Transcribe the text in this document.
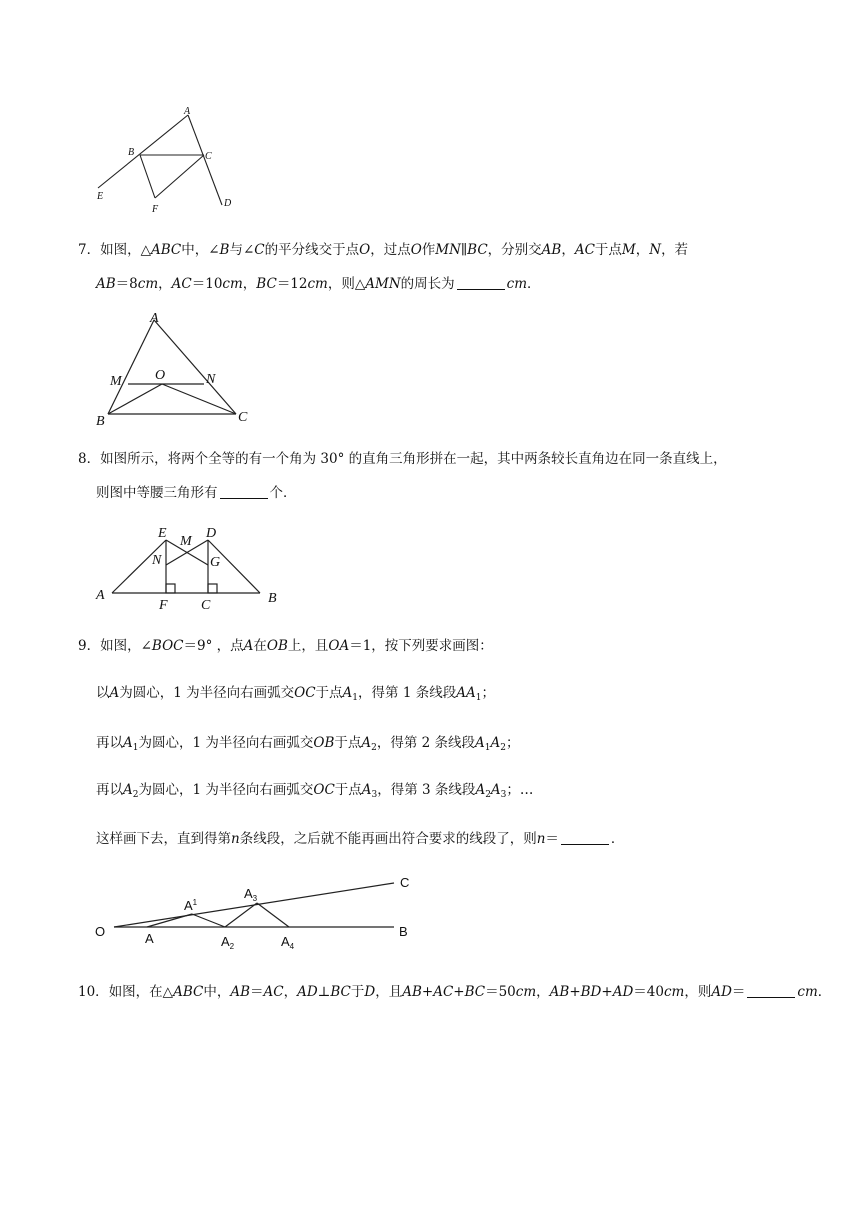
A
B	C
D
E
F
7．如图，△ABC中，∠B与∠C的平分线交于点O，过点O作MN∥BC，分别交AB，AC于点M，N，若
AB＝8cm，AC＝10cm，BC＝12cm，则△AMN的周长为	cm．
A
M O	N
B	C
8．如图所示，将两个全等的有一个角为 30° 的直角三角形拼在一起，其中两条较长直角边在同一条直线上，
则图中等腰三角形有	个．
E
M
D
N	G
A
F C	B
9．如图，∠BOC＝9° ，点A在OB上，且OA＝1，按下列要求画图：
以A为圆心，1 为半径向右画弧交OC于点$A_1$，得第 1 条线段$AA_1$；
再以$A_1$为圆心，1 为半径向右画弧交OB于点$A_2$，得第 2 条线段$A_1A_2$；
再以$A_2$为圆心，1 为半径向右画弧交OC于点$A_3$，得第 3 条线段$A_2A_3$；…
这样画下去，直到得第n条线段，之后就不能再画出符合要求的线段了，则n＝	．
O	A
$A^1$
$A_2$
$A_3$
$A_4$
B
C
10．如图，在△ABC中，AB＝AC，AD⊥BC于D，且AB+AC+BC＝50cm，AB+BD+AD＝40cm，则AD＝	cm．
